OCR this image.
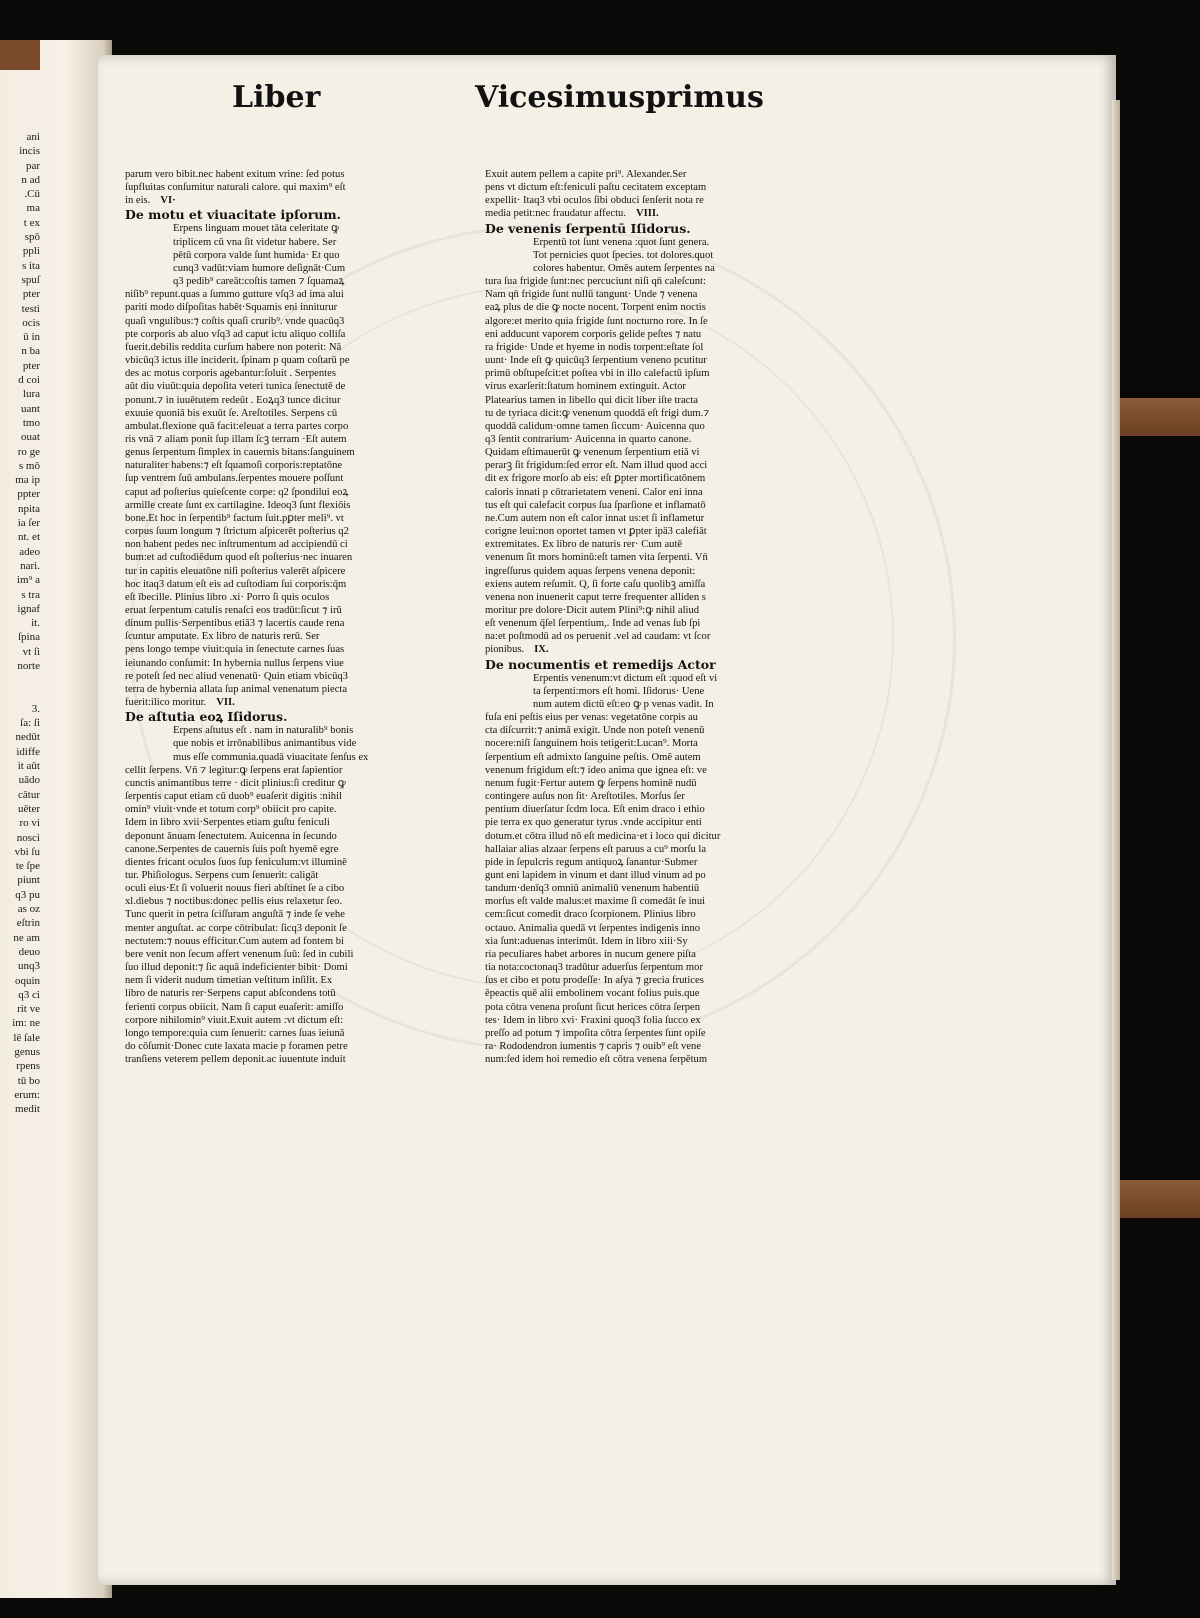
ani
incis
par
n ad
.Cū
ma
t ex
spō
ppli
s ita
spuſ
pter
testi
ocis
ū in
n ba
pter
d coi
lura
uant
tmo
ouat
ro ge
s mō
ma ip
ppter
npita
ia ſer
nt. et
adeo
nari.
im⁹ a
s tra
ignaf
it.
ſpina
vt ſi
norte
3.
ſa: ſi
nedūt
idiffe
it aūt
uādo
cātur
uēter
ro vi
nosci
vbi ſu
te ſpe
piunt
q3 pu
as oz
eſtrin
ne am
deuo
unq3
oquin
q3 ci
rit ve
im: ne
lē ſale
genus
rpens
tū bo
erum:
medit
Liber	Vicesimusprimus
parum vero bibit.nec habent exitum vrine: ſed potus
ſupfluitas conſumitur naturali calore. qui maxim⁹ eſt
in eis. VI·
De motu et viuacitate ipſorum.
Erpens linguam mouet tāta celeritate ꝙ
triplicem cū vna ſit videtur habere. Ser
pētū corpora valde ſunt humida· Et quo
cunq3 vadūt:viam humore deſignāt·Cum
q3 pedib⁹ careāt:coſtis tamen ⁊ ſquamaꝝ
niſib⁹ repunt.quas a ſummo gutture vſq3 ad ima alui
pariti modo diſpoſitas habēt·Squamis eni inniturur
quaſi vngulibus:⁊ coſtis quaſi crurib⁹. vnde quacūq3
pte corporis ab aluo vſq3 ad caput ictu aliquo colliſa
fuerit.debilis reddita curſum habere non poterit: Nā
vbicūq3 ictus ille inciderit. ſpinam p quam coſtarū pe
des ac motus corporis agebantur:ſoluit . Serpentes
aūt diu viuūt:quia depoſita veteri tunica ſenectutē de
ponunt.⁊ in iuuētutem redeūt . Eoꝝq3 tunce dicitur
exuuie quoniā bis exuūt ſe. Areſtotiles. Serpens cū
ambulat.flexione quā facit:eleuat a terra partes corpo
ris vnā ⁊ aliam ponit ſup illam ſcꝫ terram ·Eſt autem
genus ſerpentum ſimplex in cauernis bitans:ſanguinem
naturaliter habens:⁊ eſt ſquamoſi corporis:reptatōne
ſup ventrem ſuū ambulans.ſerpentes mouere poſſunt
caput ad poſterius quieſcente corpe: q2 ſpondilui eoꝝ
armille create ſunt ex cartilagine. Ideoq3 ſunt flexiōis
bone.Et hoc in ſerpentib⁹ factum ſuit.pꝑter meli⁹. vt
corpus ſuum longum ⁊ ſtrictum aſpicerēt poſterius q2
non habent pedes nec inſtrumentum ad accipiendū ci
bum:et ad cuſtodiēdum quod eſt poſterius·nec inuaren
tur in capitis eleuatōne niſi poſterius valerēt aſpicere
hoc itaq3 datum eſt eis ad cuſtodiam ſui corporis:q̄m
eſt ībecille. Plinius libro .xi· Porro ſi quis oculos
eruat ſerpentum catulis renaſci eos tradūt:ſicut ⁊ irū
dinum pullis·Serpentibus etiā3 ⁊ lacertis caude rena
ſcuntur amputate. Ex libro de naturis rerū. Ser
pens longo tempe viuit:quia in ſenectute carnes ſuas
ieiunando conſumit: In hybernia nullus ſerpens viue
re poteſt ſed nec aliud venenatū· Quin etiam vbicūq3
terra de hybernia allata ſup animal venenatum piecta
fuerit:ilico moritur. VII.
De aſtutia eoꝝ Iſidorus.
Erpens aſtutus eſt . nam in naturalib⁹ bonis
que nobis et irrōnabilibus animantibus vide
mus eſſe communia.quadā viuacitate ſenſus ex
cellit ſerpens. Vn̄ ⁊ legitur:ꝙ ſerpens erat ſapientior
cunctis animantibus terre · dicit plinius:ſi creditur ꝙ
ſerpentis caput etiam cū duob⁹ euaſerit digitis :nihil
omin⁹ viuit·vnde et totum corp⁹ obiicit pro capite.
Idem in libro xvii·Serpentes etiam guſtu feniculi
deponunt ānuam ſenectutem. Auicenna in ſecundo
canone.Serpentes de cauernis ſuis poſt hyemē egre
dientes fricant oculos ſuos ſup feniculum:vt illuminē
tur. Phiſiologus. Serpens cum ſenuerit: caligāt
oculi eius·Et ſi voluerit nouus fieri abſtinet ſe a cibo
xl.diebus ⁊ noctibus:donec pellis eius relaxetur ſeo.
Tunc querit in petra ſciſſuram anguſtā ⁊ inde ſe vehe
menter anguſtat. ac corpe cōtribulat: ſicq3 deponit ſe
nectutem:⁊ nouus efficitur.Cum autem ad fontem bi
bere venit non ſecum affert venenum ſuū: ſed in cubili
ſuo illud deponit:⁊ ſic aquā indeficienter bibit· Domi
nem ſi viderit nudum timetian veſtitum inſilit. Ex
libro de naturis rer·Serpens caput abſcondens totū
ferienti corpus obiicit. Nam ſi caput euaſerit: amiſſo
corpore nihilomin⁹ viuit.Exuit autem :vt dictum eſt:
longo tempore:quia cum ſenuerit: carnes ſuas ieiunā
do cōſumit·Donec cute laxata macie p foramen petre
tranſiens veterem pellem deponit.ac iuuentute induit
Exuit autem pellem a capite pri⁹. Alexander.Ser
pens vt dictum eſt:feniculi paſtu cecitatem exceptam
expellit· Itaq3 vbi oculos ſibi obduci ſenſerit nota re
media petit:nec fraudatur affectu. VIII.
De venenis ſerpentū Iſidorus.
Erpentū tot ſunt venena :quot ſunt genera.
Tot pernicies quot ſpecies. tot dolores.quot
colores habentur. Omēs autem ſerpentes na
tura ſua frigide ſunt:nec percuciunt niſi qn̄ caleſcunt:
Nam qn̄ frigide ſunt nullū tangunt· Unde ⁊ venena
eaꝝ plus de die ꝙ nocte nocent. Torpent enim noctis
algore:et merito quia frigide ſunt nocturno rore. In ſe
eni adducunt vaporem corporis gelide peſtes ⁊ natu
ra frigide· Unde et hyeme in nodis torpent:eſtate ſol
uunt· Inde eſt ꝙ quicūq3 ſerpentium veneno pcutitur
primū obſtupeſcit:et poſtea vbi in illo calefactū ipſum
virus exarſerit:ſtatum hominem extinguit. Actor
Platearius tamen in libello qui dicit liber iſte tracta
tu de tyriaca dicit:ꝙ venenum quoddā eſt frigi dum.⁊
quoddā calidum·omne tamen ſiccum· Auicenna quo
q3 ſentit contrarium· Auicenna in quarto canone.
Quidam eſtimauerūt ꝙ venenum ſerpentium etiā vi
perarꝫ ſit frigidum:ſed error eſt. Nam illud quod acci
dit ex frigore morſo ab eis: eſt ꝑpter mortificatōnem
caloris innati p cōtrarietatem veneni. Calor eni inna
tus eſt qui calefacit corpus ſua ſparſione et inflamatō
ne.Cum autem non eſt calor innat us:et ſi inflametur
corigne leui:non oportet tamen vt ꝑpter ipā3 calefiāt
extremitates. Ex libro de naturis rer· Cum autē
venenum ſit mors hominū:eſt tamen vita ſerpenti. Vn̄
ingreſſurus quidem aquas ſerpens venena deponit:
exiens autem reſumit. Q, ſi forte caſu quolibꝫ amiſſa
venena non inuenerit caput terre frequenter alliden s
moritur pre dolore·Dicit autem Plini⁹:ꝙ nihil aliud
eſt venenum q̄ſel ſerpentium,. Inde ad venas ſub ſpi
na:et poſtmodū ad os peruenit .vel ad caudam: vt ſcor
pionibus. IX.
De nocumentis et remedijs Actor
Erpentis venenum:vt dictum eſt :quod eſt vi
ta ſerpenti:mors eſt homi. Iſidorus· Uene
num autem dictū eſt:eo ꝙ p venas vadit. In
fuſa eni peſtis eius per venas: vegetatōne corpis au
cta diſcurrit:⁊ animā exigit. Unde non poteſt venenū
nocere:niſi ſanguinem hois tetigerit:Lucan⁹. Morta
ſerpentium eſt admixto ſanguine peſtis. Omē autem
venenum frigidum eſt:⁊ ideo anima que ignea eſt: ve
nenum fugit·Fertur autem ꝙ ſerpens hominē nudū
contingere auſus non ſit· Areſtotiles. Morſus ſer
pentium diuerſatur ſcdm loca. Eſt enim draco i ethio
pie terra ex quo generatur tyrus .vnde accipitur enti
dotum.et cōtra illud nō eſt medicina·et i loco qui dicitur
hallaiar alias alzaar ſerpens eſt paruus a cu⁹ morſu la
pide in ſepulcris regum antiquoꝝ ſanantur·Submer
gunt eni lapidem in vinum et dant illud vinum ad po
tandum·denīq3 omniū animaliū venenum habentiū
morſus eſt valde malus:et maxime ſi comedāt ſe inui
cem:ſicut comedit draco ſcorpionem. Plinius libro
octauo. Animalia quedā vt ſerpentes indigenis inno
xia ſunt:aduenas interimūt. Idem in libro xiii·Sy
ria peculiares habet arbores in nucum genere piſta
tia nota:coctonaq3 tradūtur aduerſus ſerpentum mor
ſus et cibo et potu prodeſſe· In aſya ⁊ grecia frutices
ēpeactis quē alii embolinem vocant folius puis.que
pota cōtra venena proſunt ſicut herices cōtra ſerpen
tes· Idem in libro xvi· Fraxini quoq3 folia ſucco ex
preſſo ad potum ⁊ impoſita cōtra ſerpentes ſunt opiſe
ra· Rododendron iumentis ⁊ capris ⁊ ouib⁹ eſt vene
num:ſed idem hoi remedio eſt cōtra venena ſerpētum
